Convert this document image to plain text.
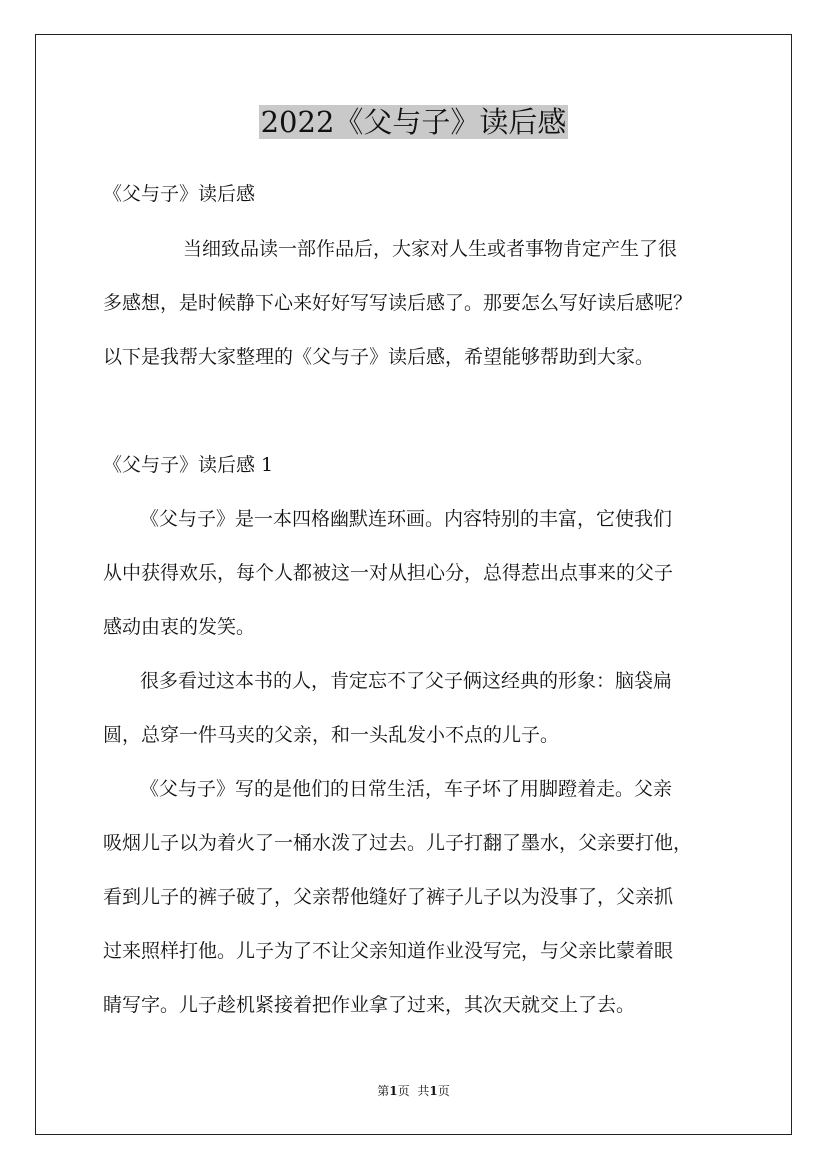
2022《父与子》读后感
《父与子》读后感
当细致品读一部作品后，大家对人生或者事物肯定产生了很
多感想，是时候静下心来好好写写读后感了。那要怎么写好读后感呢？
以下是我帮大家整理的《父与子》读后感，希望能够帮助到大家。
《父与子》读后感 1
《父与子》是一本四格幽默连环画。内容特别的丰富，它使我们
从中获得欢乐，每个人都被这一对从担心分，总得惹出点事来的父子
感动由衷的发笑。
很多看过这本书的人，肯定忘不了父子俩这经典的形象：脑袋扁
圆，总穿一件马夹的父亲，和一头乱发小不点的儿子。
《父与子》写的是他们的日常生活，车子坏了用脚蹬着走。父亲
吸烟儿子以为着火了一桶水泼了过去。儿子打翻了墨水，父亲要打他，
看到儿子的裤子破了，父亲帮他缝好了裤子儿子以为没事了，父亲抓
过来照样打他。儿子为了不让父亲知道作业没写完，与父亲比蒙着眼
睛写字。儿子趁机紧接着把作业拿了过来，其次天就交上了去。
第1页 共1页
